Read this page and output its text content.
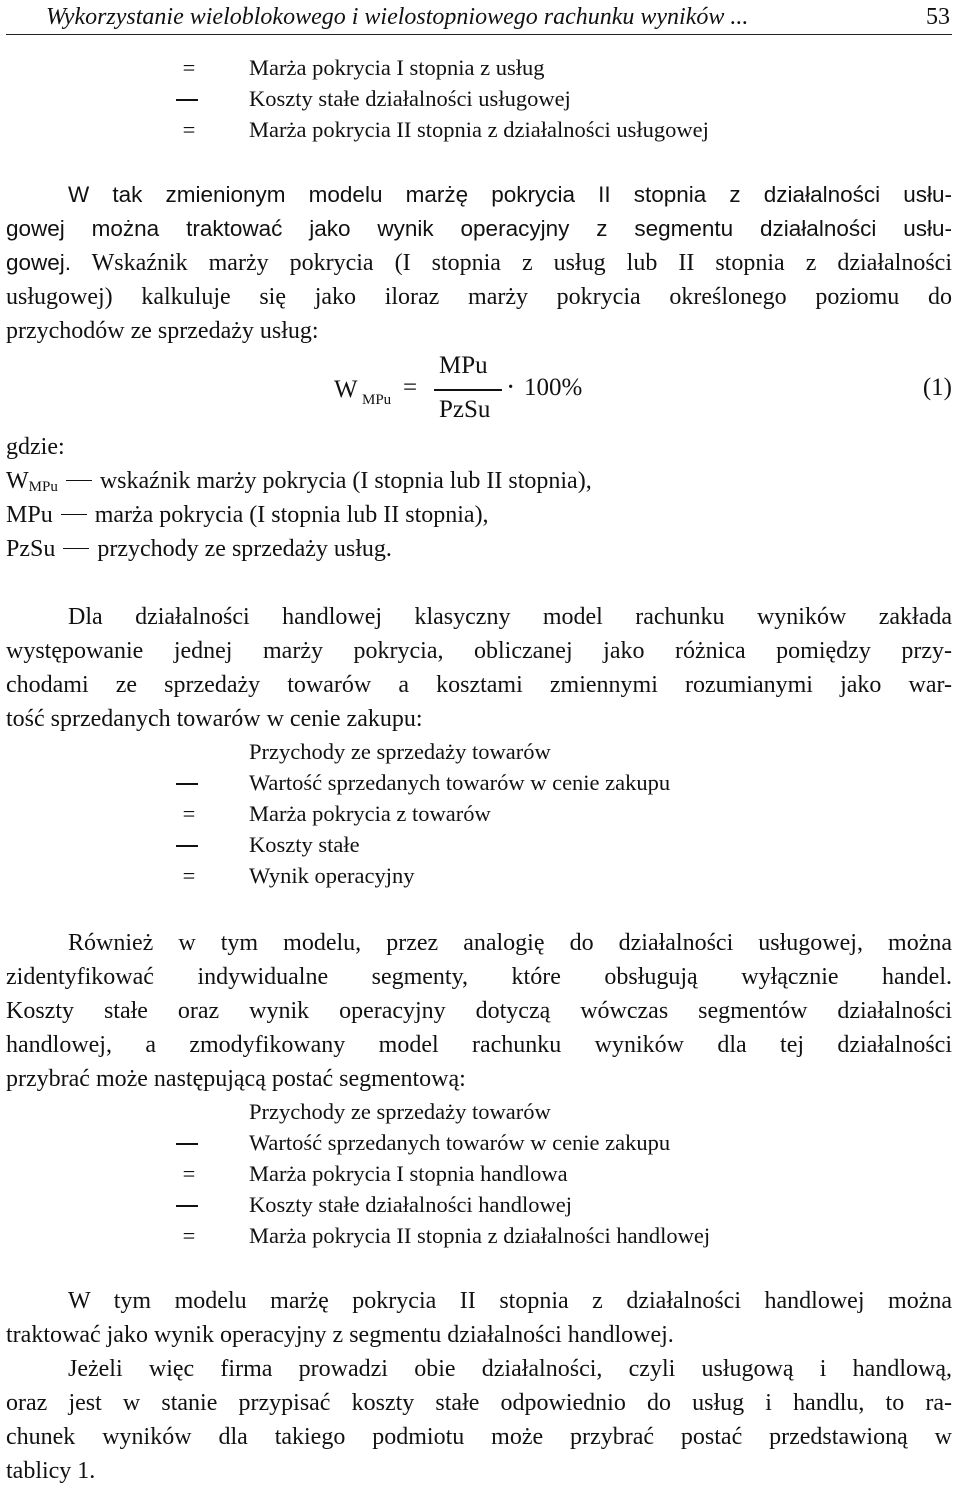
Wykorzystanie wieloblokowego i wielostopniowego rachunku wyników ...	53
=	Marża pokrycia I stopnia z usług
Koszty stałe działalności usługowej
=	Marża pokrycia II stopnia z działalności usługowej
W tak zmienionym modelu marżę pokrycia II stopnia z działalności usłu-
gowej można traktować jako wynik operacyjny z segmentu działalności usłu-
gowej. Wskaźnik marży pokrycia (I stopnia z usług lub II stopnia z działalności
usługowej) kalkuluje się jako iloraz marży pokrycia określonego poziomu do
przychodów ze sprzedaży usług:
W MPu =
MPu
PzSu
· 100%	(1)
gdzie:
WMPu wskaźnik marży pokrycia (I stopnia lub II stopnia),
MPu marża pokrycia (I stopnia lub II stopnia),
PzSu przychody ze sprzedaży usług.
Dla działalności handlowej klasyczny model rachunku wyników zakłada
występowanie jednej marży pokrycia, obliczanej jako różnica pomiędzy przy-
chodami ze sprzedaży towarów a kosztami zmiennymi rozumianymi jako war-
tość sprzedanych towarów w cenie zakupu:
Przychody ze sprzedaży towarów
Wartość sprzedanych towarów w cenie zakupu
=	Marża pokrycia z towarów
Koszty stałe
=	Wynik operacyjny
Również w tym modelu, przez analogię do działalności usługowej, można
zidentyfikować indywidualne segmenty, które obsługują wyłącznie handel.
Koszty stałe oraz wynik operacyjny dotyczą wówczas segmentów działalności
handlowej, a zmodyfikowany model rachunku wyników dla tej działalności
przybrać może następującą postać segmentową:
Przychody ze sprzedaży towarów
Wartość sprzedanych towarów w cenie zakupu
=	Marża pokrycia I stopnia handlowa
Koszty stałe działalności handlowej
=	Marża pokrycia II stopnia z działalności handlowej
W tym modelu marżę pokrycia II stopnia z działalności handlowej można
traktować jako wynik operacyjny z segmentu działalności handlowej.
Jeżeli więc firma prowadzi obie działalności, czyli usługową i handlową,
oraz jest w stanie przypisać koszty stałe odpowiednio do usług i handlu, to ra-
chunek wyników dla takiego podmiotu może przybrać postać przedstawioną w
tablicy 1.
